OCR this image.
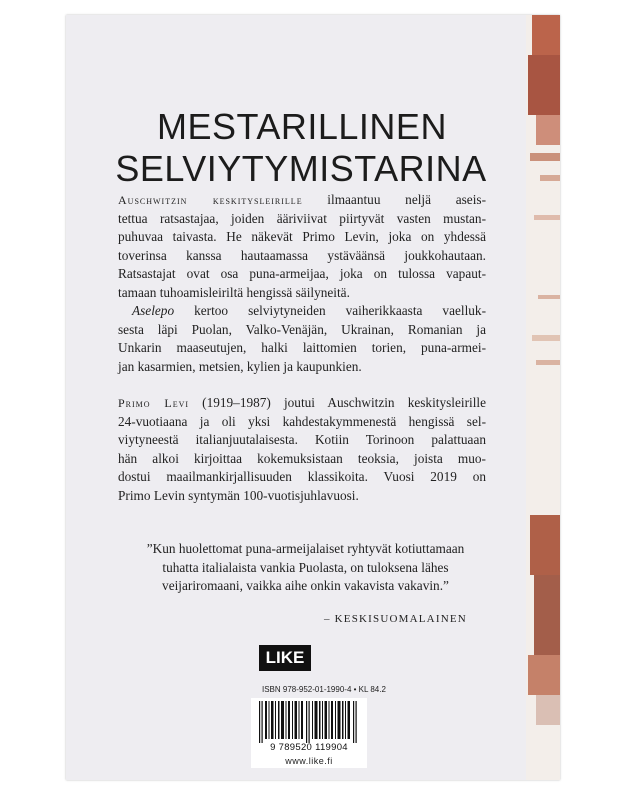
MESTARILLINEN
SELVIYTYMISTARINA
Auschwitzin keskitysleirille ilmaantuu neljä aseis-
tettua ratsastajaa, joiden ääriviivat piirtyvät vasten mustan-
puhuvaa taivasta. He näkevät Primo Levin, joka on yhdessä
toverinsa kanssa hautaamassa ystäväänsä joukkohautaan.
Ratsastajat ovat osa puna-armeijaa, joka on tulossa vapaut-
tamaan tuhoamisleiriltä hengissä säilyneitä.
Aselepo kertoo selviytyneiden vaiherikkaasta vaelluk-
sesta läpi Puolan, Valko-Venäjän, Ukrainan, Romanian ja
Unkarin maaseutujen, halki laittomien torien, puna-armei-
jan kasarmien, metsien, kylien ja kaupunkien.
Primo Levi (1919–1987) joutui Auschwitzin keskitysleirille
24-vuotiaana ja oli yksi kahdestakymmenestä hengissä sel-
viytyneestä italianjuutalaisesta. Kotiin Torinoon palattuaan
hän alkoi kirjoittaa kokemuksistaan teoksia, joista muo-
dostui maailmankirjallisuuden klassikoita. Vuosi 2019 on
Primo Levin syntymän 100-vuotisjuhlavuosi.
”Kun huolettomat puna-armeijalaiset ryhtyvät kotiuttamaan
tuhatta italialaista vankia Puolasta, on tuloksena lähes
veijariromaani, vaikka aihe onkin vakavista vakavin.”
– KESKISUOMALAINEN
LIKE
ISBN 978-952-01-1990-4 • KL 84.2
9 789520 119904
www.like.fi
